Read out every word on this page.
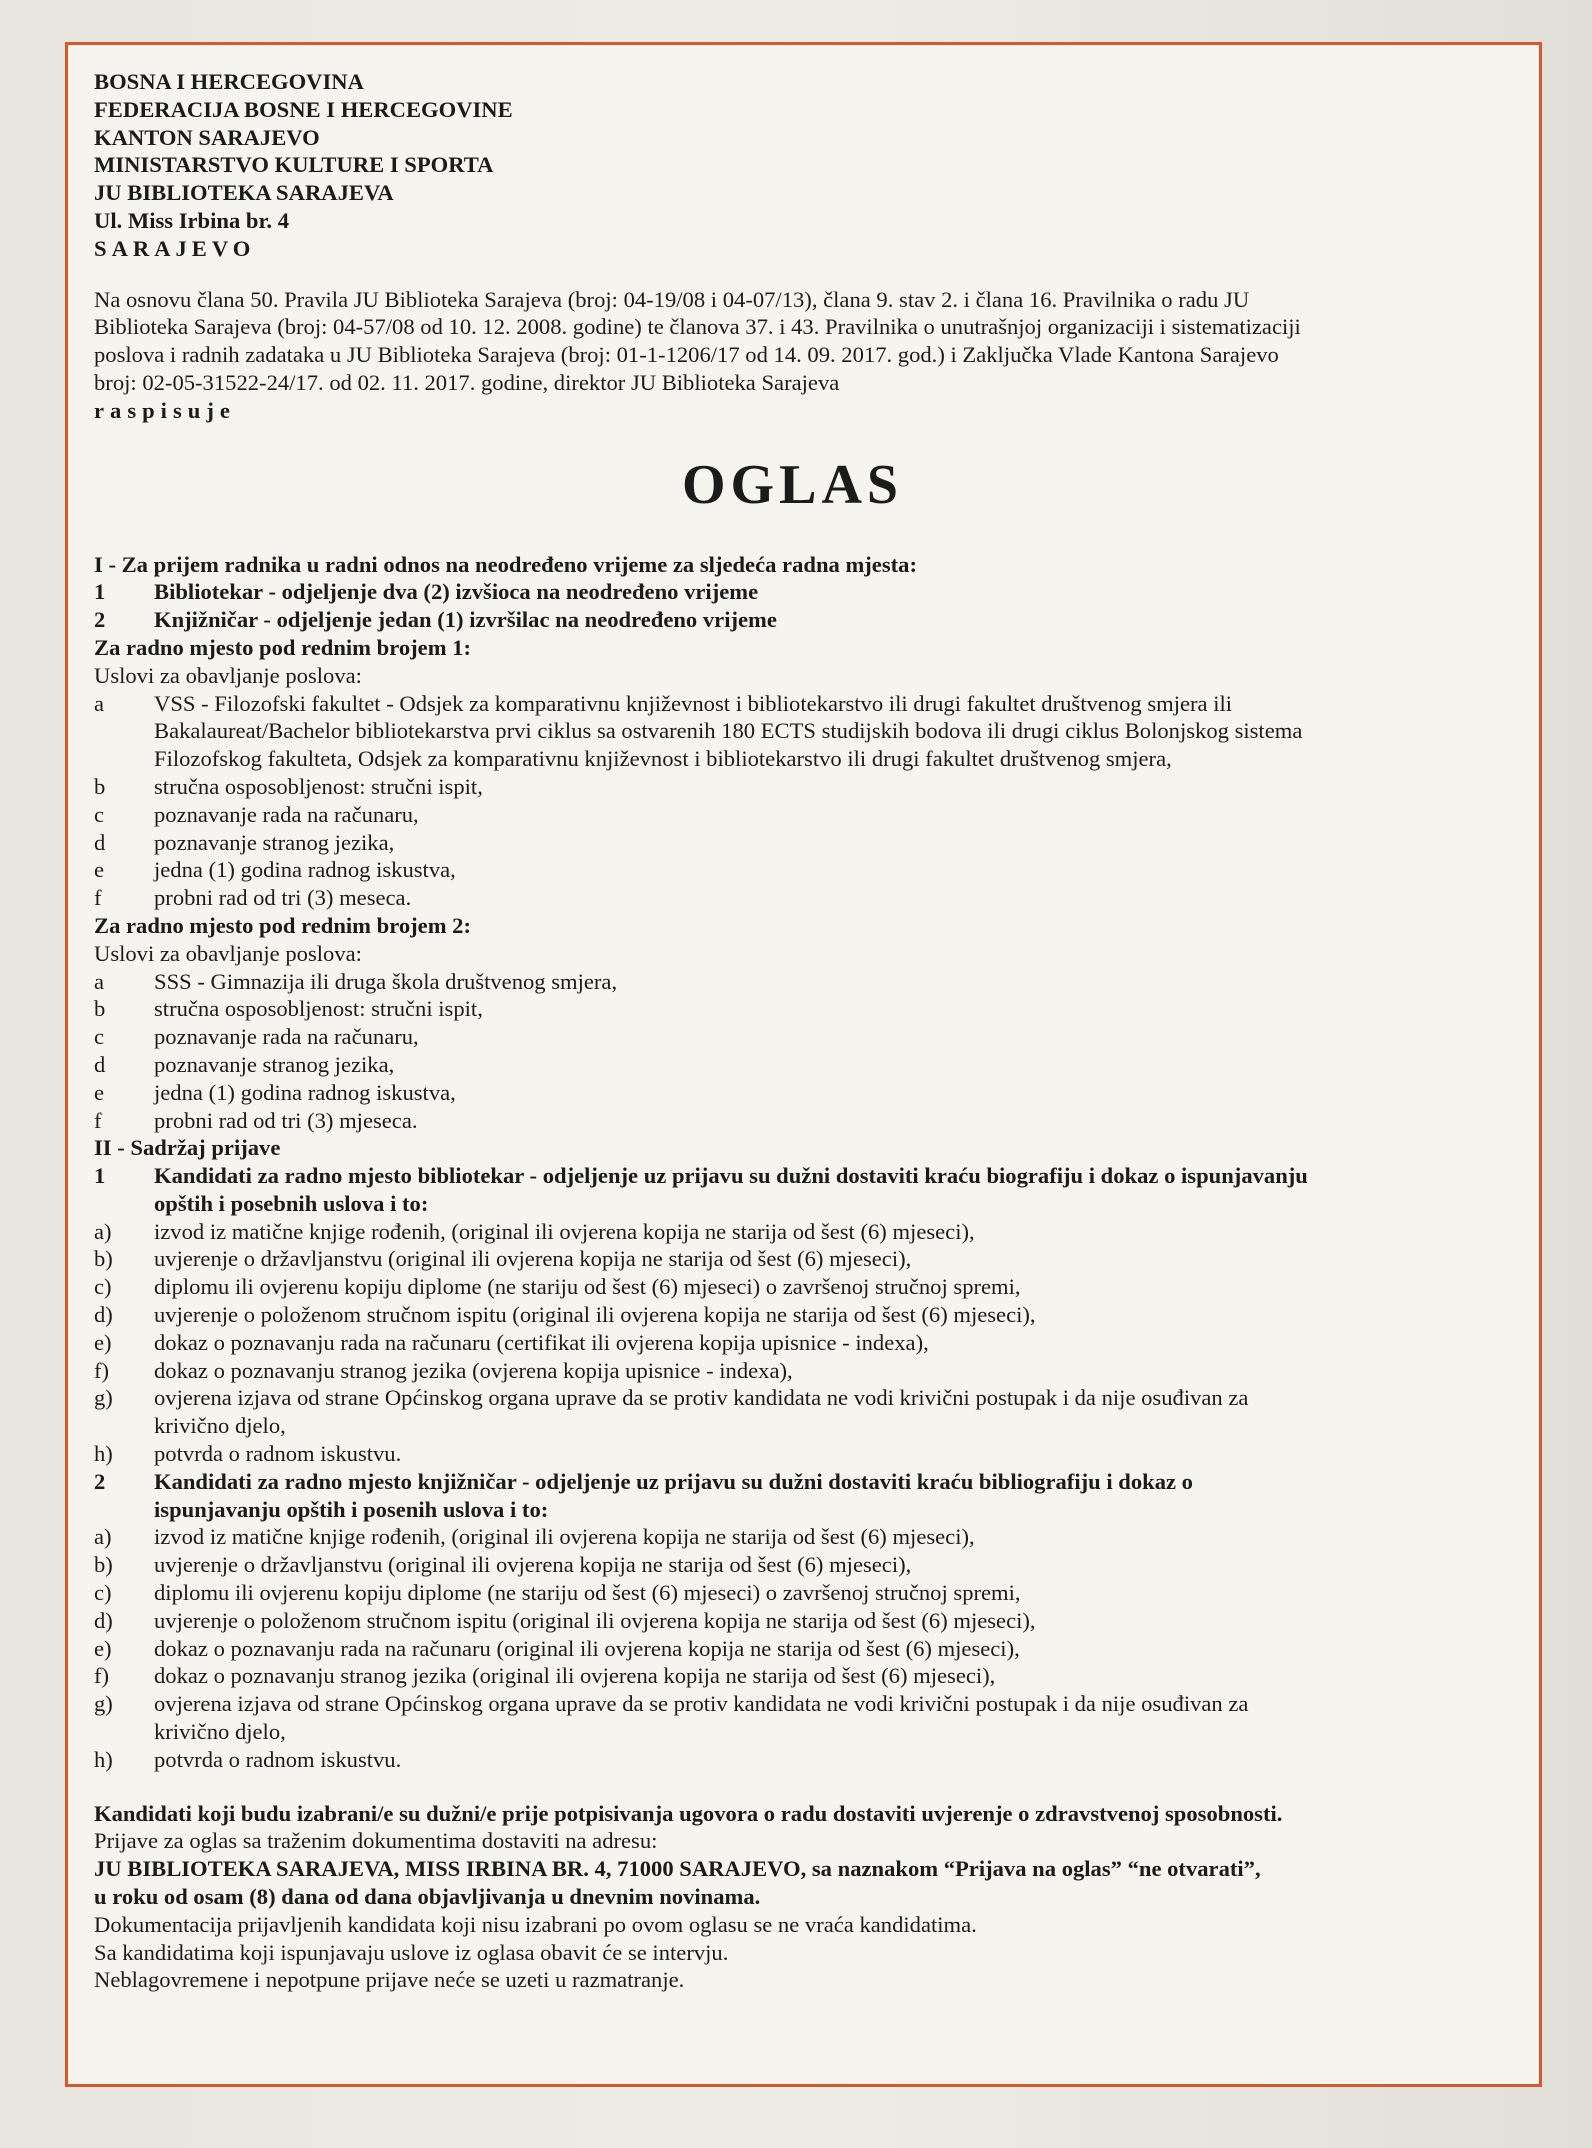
BOSNA I HERCEGOVINA
FEDERACIJA BOSNE I HERCEGOVINE
KANTON SARAJEVO
MINISTARSTVO KULTURE I SPORTA
JU BIBLIOTEKA SARAJEVA
Ul. Miss Irbina br. 4
SARAJEVO
Na osnovu člana 50. Pravila JU Biblioteka Sarajeva (broj: 04-19/08 i 04-07/13), člana 9. stav 2. i člana 16. Pravilnika o radu JU
Biblioteka Sarajeva (broj: 04-57/08 od 10. 12. 2008. godine) te članova 37. i 43. Pravilnika o unutrašnjoj organizaciji i sistematizaciji
poslova i radnih zadataka u JU Biblioteka Sarajeva (broj: 01-1-1206/17 od 14. 09. 2017. god.) i Zaključka Vlade Kantona Sarajevo
broj: 02-05-31522-24/17. od 02. 11. 2017. godine, direktor JU Biblioteka Sarajeva
raspisuje
OGLAS
I - Za prijem radnika u radni odnos na neodređeno vrijeme za sljedeća radna mjesta:
1	Bibliotekar - odjeljenje dva (2) izvšioca na neodređeno vrijeme
2	Knjižničar - odjeljenje jedan (1) izvršilac na neodređeno vrijeme
Za radno mjesto pod rednim brojem 1:
Uslovi za obavljanje poslova:
a	VSS - Filozofski fakultet - Odsjek za komparativnu književnost i bibliotekarstvo ili drugi fakultet društvenog smjera ili
Bakalaureat/Bachelor bibliotekarstva prvi ciklus sa ostvarenih 180 ECTS studijskih bodova ili drugi ciklus Bolonjskog sistema
Filozofskog fakulteta, Odsjek za komparativnu književnost i bibliotekarstvo ili drugi fakultet društvenog smjera,
b	stručna osposobljenost: stručni ispit,
c	poznavanje rada na računaru,
d	poznavanje stranog jezika,
e	jedna (1) godina radnog iskustva,
f	probni rad od tri (3) meseca.
Za radno mjesto pod rednim brojem 2:
Uslovi za obavljanje poslova:
a	SSS - Gimnazija ili druga škola društvenog smjera,
b	stručna osposobljenost: stručni ispit,
c	poznavanje rada na računaru,
d	poznavanje stranog jezika,
e	jedna (1) godina radnog iskustva,
f	probni rad od tri (3) mjeseca.
II - Sadržaj prijave
1	Kandidati za radno mjesto bibliotekar - odjeljenje uz prijavu su dužni dostaviti kraću biografiju i dokaz o ispunjavanju
opštih i posebnih uslova i to:
a)	izvod iz matične knjige rođenih, (original ili ovjerena kopija ne starija od šest (6) mjeseci),
b)	uvjerenje o državljanstvu (original ili ovjerena kopija ne starija od šest (6) mjeseci),
c)	diplomu ili ovjerenu kopiju diplome (ne stariju od šest (6) mjeseci) o završenoj stručnoj spremi,
d)	uvjerenje o položenom stručnom ispitu (original ili ovjerena kopija ne starija od šest (6) mjeseci),
e)	dokaz o poznavanju rada na računaru (certifikat ili ovjerena kopija upisnice - indexa),
f)	dokaz o poznavanju stranog jezika (ovjerena kopija upisnice - indexa),
g)	ovjerena izjava od strane Općinskog organa uprave da se protiv kandidata ne vodi krivični postupak i da nije osuđivan za
krivično djelo,
h)	potvrda o radnom iskustvu.
2	Kandidati za radno mjesto knjižničar - odjeljenje uz prijavu su dužni dostaviti kraću bibliografiju i dokaz o
ispunjavanju opštih i posenih uslova i to:
a)	izvod iz matične knjige rođenih, (original ili ovjerena kopija ne starija od šest (6) mjeseci),
b)	uvjerenje o državljanstvu (original ili ovjerena kopija ne starija od šest (6) mjeseci),
c)	diplomu ili ovjerenu kopiju diplome (ne stariju od šest (6) mjeseci) o završenoj stručnoj spremi,
d)	uvjerenje o položenom stručnom ispitu (original ili ovjerena kopija ne starija od šest (6) mjeseci),
e)	dokaz o poznavanju rada na računaru (original ili ovjerena kopija ne starija od šest (6) mjeseci),
f)	dokaz o poznavanju stranog jezika (original ili ovjerena kopija ne starija od šest (6) mjeseci),
g)	ovjerena izjava od strane Općinskog organa uprave da se protiv kandidata ne vodi krivični postupak i da nije osuđivan za
krivično djelo,
h)	potvrda o radnom iskustvu.
Kandidati koji budu izabrani/e su dužni/e prije potpisivanja ugovora o radu dostaviti uvjerenje o zdravstvenoj sposobnosti.
Prijave za oglas sa traženim dokumentima dostaviti na adresu:
JU BIBLIOTEKA SARAJEVA, MISS IRBINA BR. 4, 71000 SARAJEVO, sa naznakom “Prijava na oglas” “ne otvarati”,
u roku od osam (8) dana od dana objavljivanja u dnevnim novinama.
Dokumentacija prijavljenih kandidata koji nisu izabrani po ovom oglasu se ne vraća kandidatima.
Sa kandidatima koji ispunjavaju uslove iz oglasa obavit će se intervju.
Neblagovremene i nepotpune prijave neće se uzeti u razmatranje.
